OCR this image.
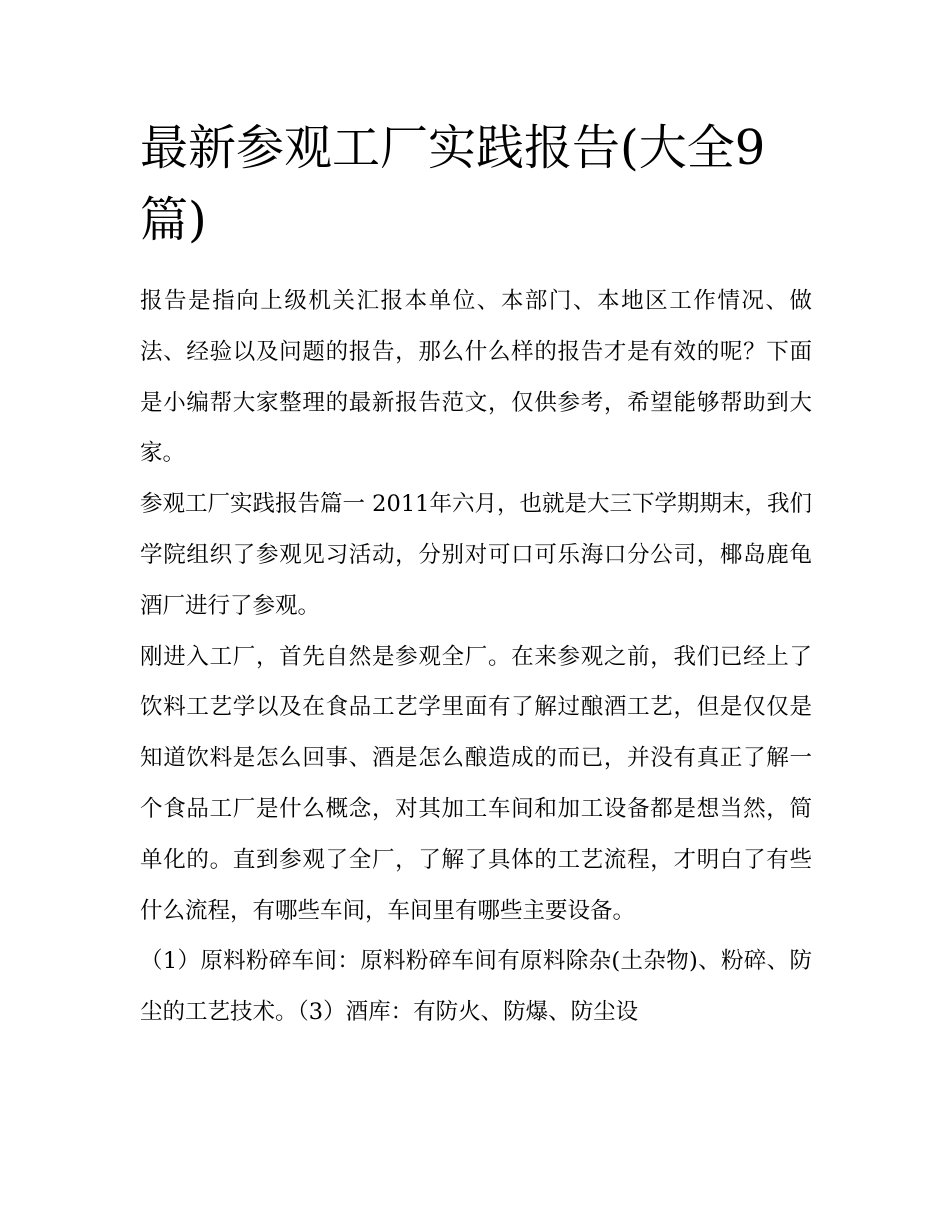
最新参观工厂实践报告(大全9篇)

报告是指向上级机关汇报本单位、本部门、本地区工作情况、做法、经验以及问题的报告，那么什么样的报告才是有效的呢？下面是小编帮大家整理的最新报告范文，仅供参考，希望能够帮助到大家。

参观工厂实践报告篇一 2011年六月，也就是大三下学期期末，我们学院组织了参观见习活动，分别对可口可乐海口分公司，椰岛鹿龟酒厂进行了参观。

刚进入工厂，首先自然是参观全厂。在来参观之前，我们已经上了饮料工艺学以及在食品工艺学里面有了解过酿酒工艺，但是仅仅是知道饮料是怎么回事、酒是怎么酿造成的而已，并没有真正了解一个食品工厂是什么概念，对其加工车间和加工设备都是想当然，简单化的。直到参观了全厂，了解了具体的工艺流程，才明白了有些什么流程，有哪些车间，车间里有哪些主要设备。

（1）原料粉碎车间：原料粉碎车间有原料除杂(土杂物)、粉碎、防尘的工艺技术。（3）酒库：有防火、防爆、防尘设
